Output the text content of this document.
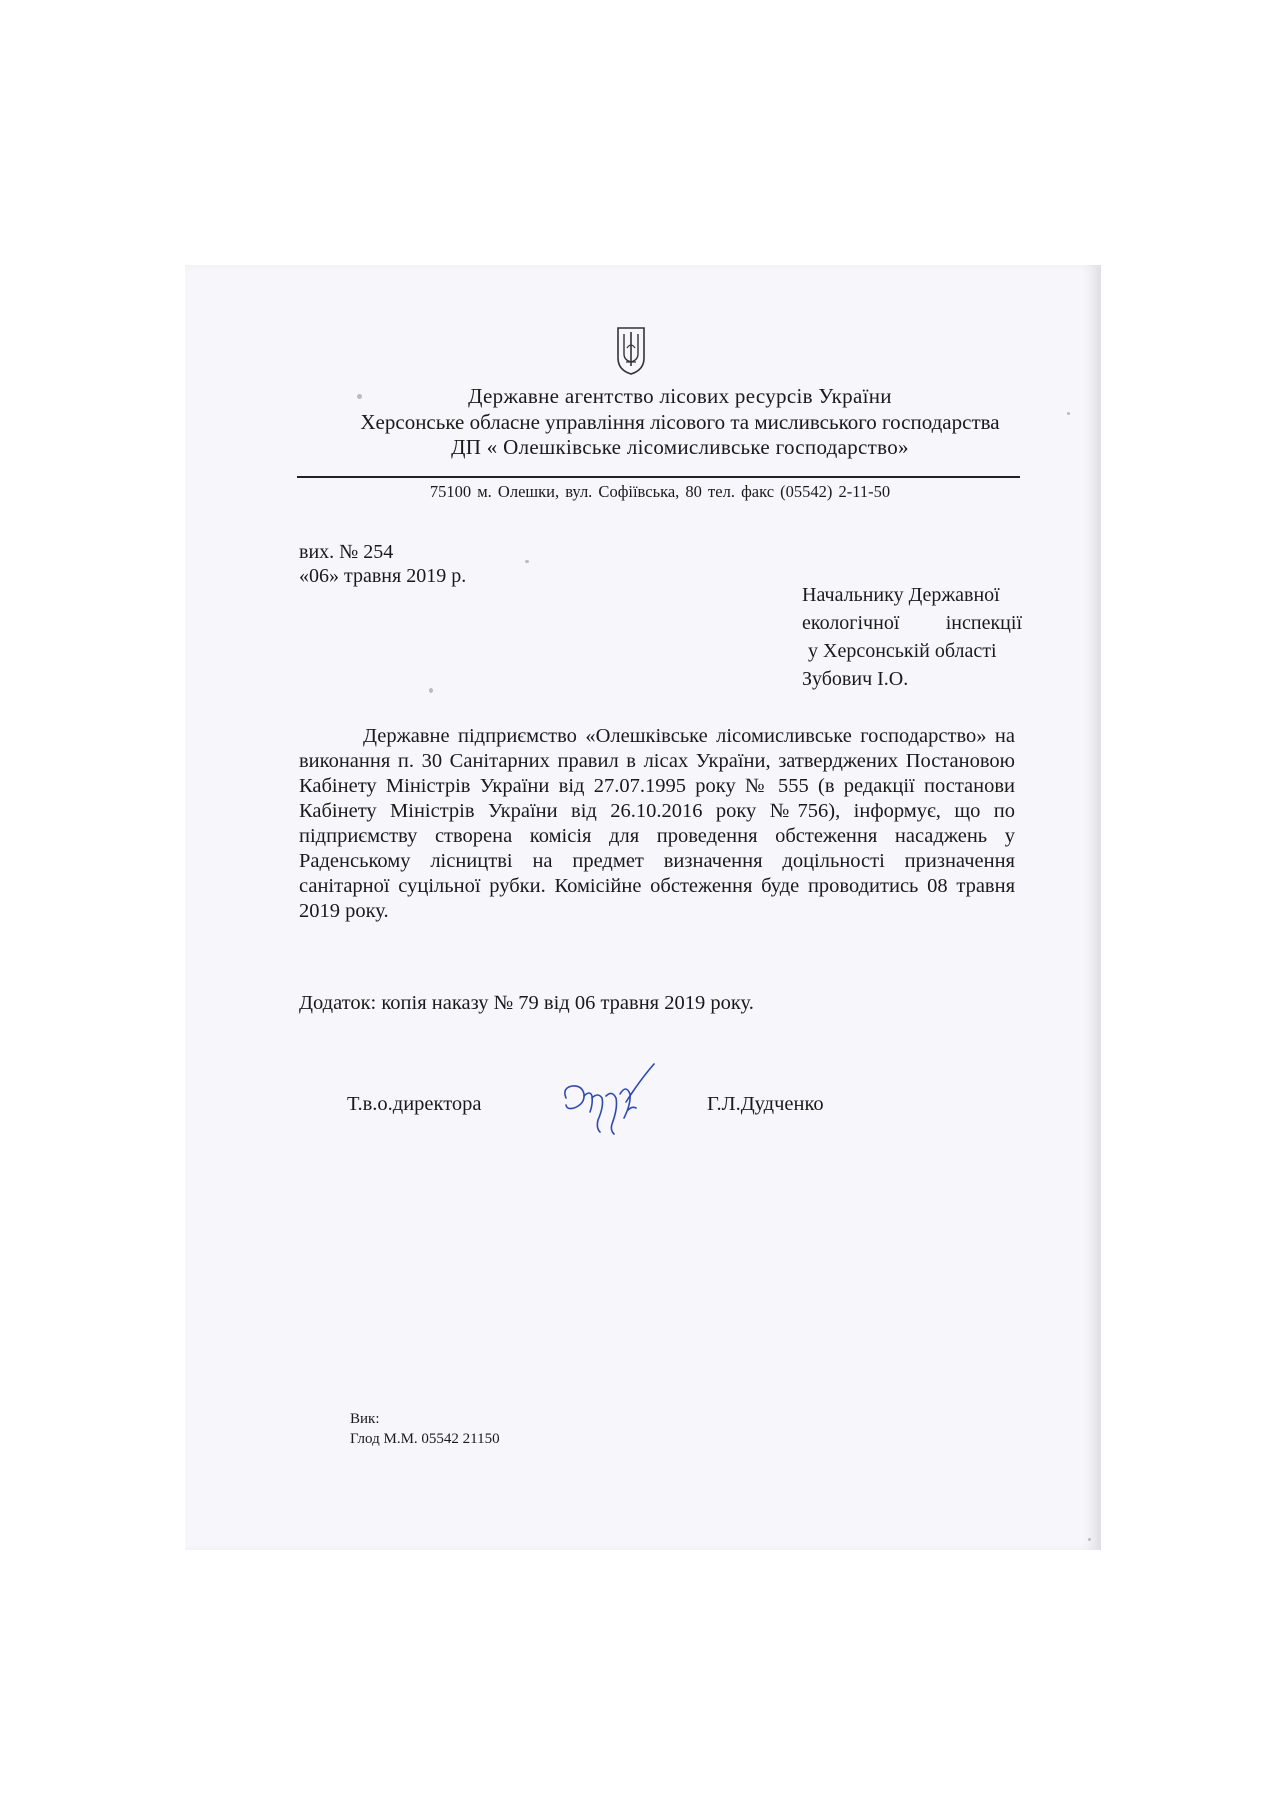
Державне агентство лісових ресурсів України
Херсонське обласне управління лісового та мисливського господарства
ДП « Олешківське лісомисливське господарство»
75100 м. Олешки, вул. Софіївська, 80 тел. факс (05542) 2-11-50
вих. № 254
«06» травня 2019 р.
Начальнику Державної
екологічної інспекції
у Херсонській області
Зубович І.О.

Державне підприємство «Олешківське лісомисливське господарство» на виконання п. 30 Санітарних правил в лісах України, затверджених Постановою Кабінету Міністрів України від 27.07.1995 року № 555 (в редакції постанови Кабінету Міністрів України від 26.10.2016 року №756), інформує, що по підприємству створена комісія для проведення обстеження насаджень у Раденському лісництві на предмет визначення доцільності призначення санітарної суцільної рубки. Комісійне обстеження буде проводитись 08 травня 2019 року.

Додаток: копія наказу № 79 від 06 травня 2019 року.
Т.в.о.директора	Г.Л.Дудченко
Вик:
Глод М.М. 05542 21150
